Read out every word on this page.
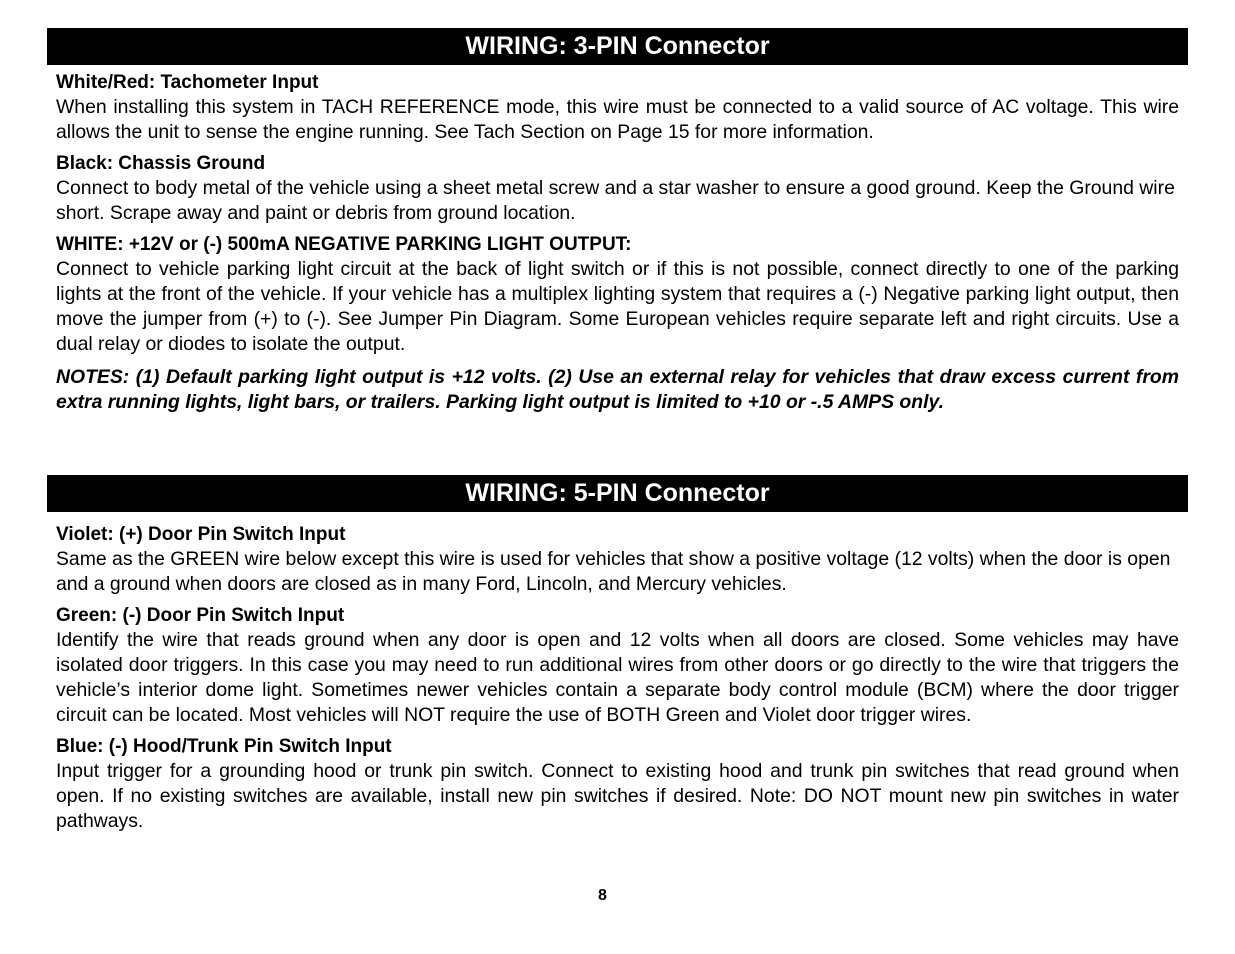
WIRING: 3-PIN Connector
White/Red: Tachometer Input
When installing this system in TACH REFERENCE mode, this wire must be connected to a valid source of AC voltage. This wire allows the unit to sense the engine running. See Tach Section on Page 15 for more information.
Black: Chassis Ground
Connect to body metal of the vehicle using a sheet metal screw and a star washer to ensure a good ground. Keep the Ground wire short. Scrape away and paint or debris from ground location.
WHITE: +12V or (-) 500mA NEGATIVE PARKING LIGHT OUTPUT:
Connect to vehicle parking light circuit at the back of light switch or if this is not possible, connect directly to one of the parking lights at the front of the vehicle. If your vehicle has a multiplex lighting system that requires a (-) Negative parking light output, then move the jumper from (+) to (-). See Jumper Pin Diagram. Some European vehicles require separate left and right circuits. Use a dual relay or diodes to isolate the output.
NOTES: (1) Default parking light output is +12 volts. (2) Use an external relay for vehicles that draw excess current from extra running lights, light bars, or trailers. Parking light output is limited to +10 or -.5 AMPS only.
WIRING: 5-PIN Connector
Violet: (+) Door Pin Switch Input
Same as the GREEN wire below except this wire is used for vehicles that show a positive voltage (12 volts) when the door is open and a ground when doors are closed as in many Ford, Lincoln, and Mercury vehicles.
Green: (-) Door Pin Switch Input
Identify the wire that reads ground when any door is open and 12 volts when all doors are closed. Some vehicles may have isolated door triggers. In this case you may need to run additional wires from other doors or go directly to the wire that triggers the vehicle’s interior dome light. Sometimes newer vehicles contain a separate body control module (BCM) where the door trigger circuit can be located. Most vehicles will NOT require the use of BOTH Green and Violet door trigger wires.
Blue: (-) Hood/Trunk Pin Switch Input
Input trigger for a grounding hood or trunk pin switch. Connect to existing hood and trunk pin switches that read ground when open. If no existing switches are available, install new pin switches if desired. Note: DO NOT mount new pin switches in water pathways.
8
